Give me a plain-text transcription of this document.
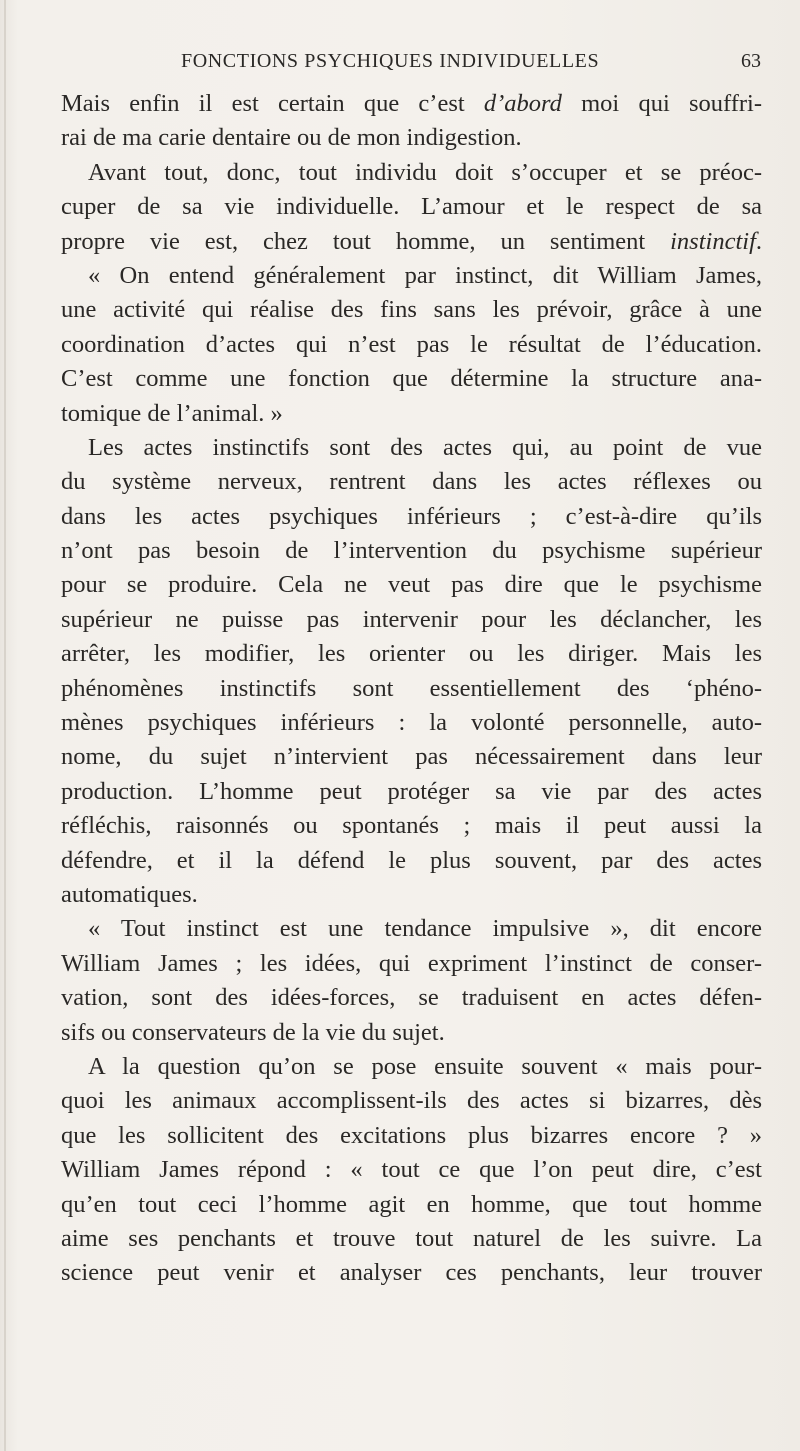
FONCTIONS PSYCHIQUES INDIVIDUELLES	63
Mais enfin il est certain que c’est d’abord moi qui souffri-
rai de ma carie dentaire ou de mon indigestion.
Avant tout, donc, tout individu doit s’occuper et se préoc-
cuper de sa vie individuelle. L’amour et le respect de sa
propre vie est, chez tout homme, un sentiment instinctif.
« On entend généralement par instinct, dit William James,
une activité qui réalise des fins sans les prévoir, grâce à une
coordination d’actes qui n’est pas le résultat de l’éducation.
C’est comme une fonction que détermine la structure ana-
tomique de l’animal. »
Les actes instinctifs sont des actes qui, au point de vue
du système nerveux, rentrent dans les actes réflexes ou
dans les actes psychiques inférieurs ; c’est-à-dire qu’ils
n’ont pas besoin de l’intervention du psychisme supérieur
pour se produire. Cela ne veut pas dire que le psychisme
supérieur ne puisse pas intervenir pour les déclancher, les
arrêter, les modifier, les orienter ou les diriger. Mais les
phénomènes instinctifs sont essentiellement des ‘phéno-
mènes psychiques inférieurs : la volonté personnelle, auto-
nome, du sujet n’intervient pas nécessairement dans leur
production. L’homme peut protéger sa vie par des actes
réfléchis, raisonnés ou spontanés ; mais il peut aussi la
défendre, et il la défend le plus souvent, par des actes
automatiques.
« Tout instinct est une tendance impulsive », dit encore
William James ; les idées, qui expriment l’instinct de conser-
vation, sont des idées-forces, se traduisent en actes défen-
sifs ou conservateurs de la vie du sujet.
A la question qu’on se pose ensuite souvent « mais pour-
quoi les animaux accomplissent-ils des actes si bizarres, dès
que les sollicitent des excitations plus bizarres encore ? »
William James répond : « tout ce que l’on peut dire, c’est
qu’en tout ceci l’homme agit en homme, que tout homme
aime ses penchants et trouve tout naturel de les suivre. La
science peut venir et analyser ces penchants, leur trouver
